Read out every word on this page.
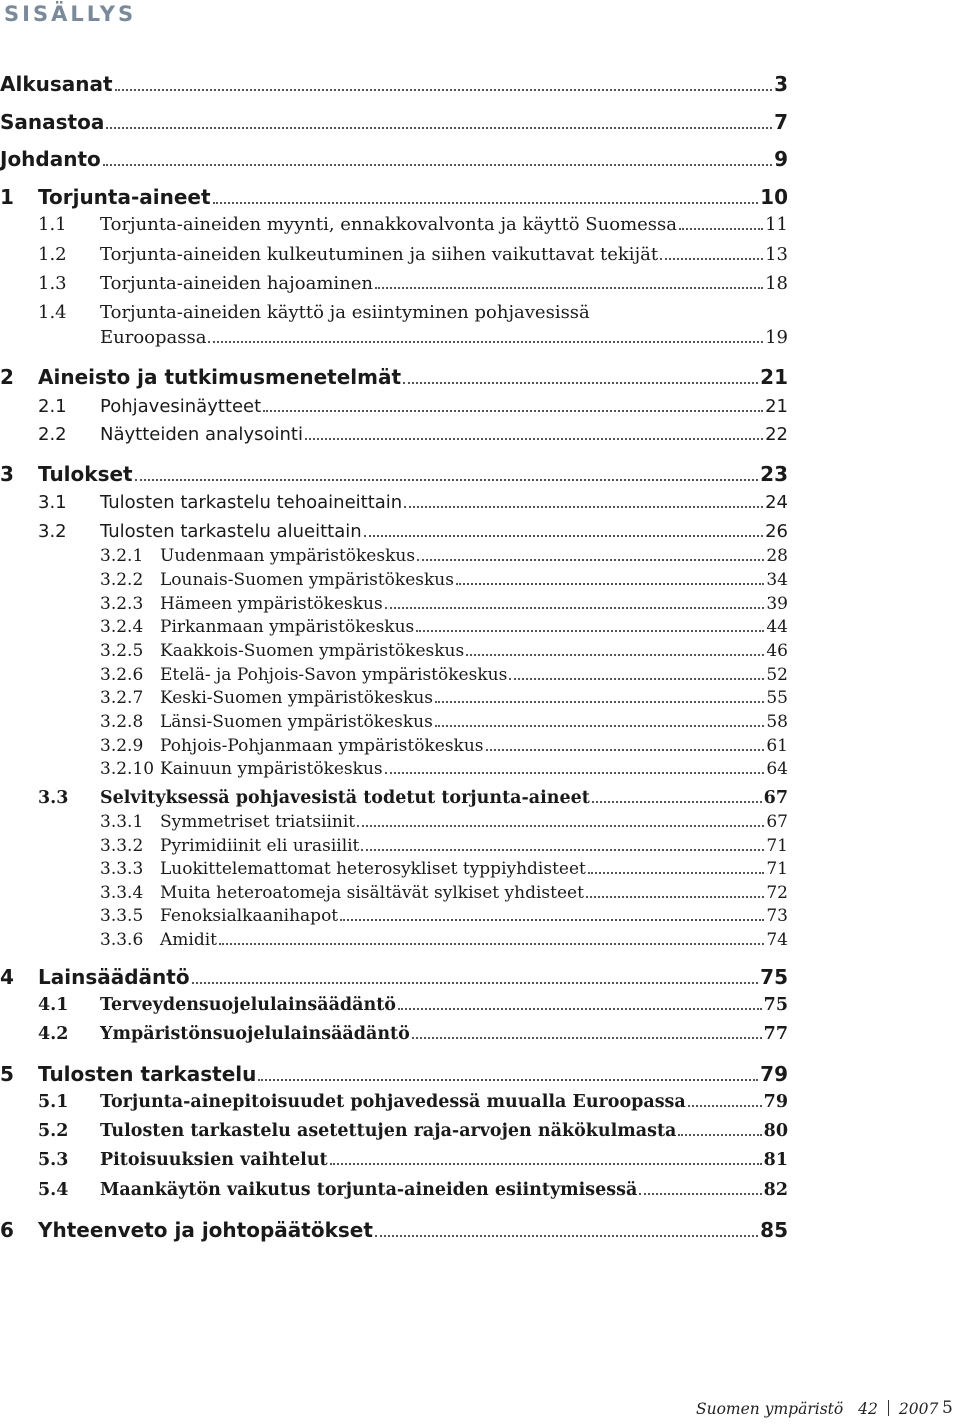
SISÄLLYS
Alkusanat	3
Sanastoa	7
Johdanto	9
1 Torjunta-aineet	10
1.1 Torjunta-aineiden myynti, ennakkovalvonta ja käyttö Suomessa	11
1.2 Torjunta-aineiden kulkeutuminen ja siihen vaikuttavat tekijät	13
1.3 Torjunta-aineiden hajoaminen	18
1.4 Torjunta-aineiden käyttö ja esiintyminen pohjavesissä
Euroopassa	19
2 Aineisto ja tutkimusmenetelmät	21
2.1 Pohjavesinäytteet	21
2.2 Näytteiden analysointi	22
3 Tulokset	23
3.1 Tulosten tarkastelu tehoaineittain	24
3.2 Tulosten tarkastelu alueittain	26
3.2.1 Uudenmaan ympäristökeskus	28
3.2.2 Lounais-Suomen ympäristökeskus	34
3.2.3 Hämeen ympäristökeskus	39
3.2.4 Pirkanmaan ympäristökeskus	44
3.2.5 Kaakkois-Suomen ympäristökeskus	46
3.2.6 Etelä- ja Pohjois-Savon ympäristökeskus	52
3.2.7 Keski-Suomen ympäristökeskus	55
3.2.8 Länsi-Suomen ympäristökeskus	58
3.2.9 Pohjois-Pohjanmaan ympäristökeskus	61
3.2.10 Kainuun ympäristökeskus	64
3.3 Selvityksessä pohjavesistä todetut torjunta-aineet	67
3.3.1 Symmetriset triatsiinit	67
3.3.2 Pyrimidiinit eli urasiilit	71
3.3.3 Luokittelemattomat heterosykliset typpiyhdisteet	71
3.3.4 Muita heteroatomeja sisältävät sylkiset yhdisteet	72
3.3.5 Fenoksialkaanihapot	73
3.3.6 Amidit	74
4 Lainsäädäntö	75
4.1 Terveydensuojelulainsäädäntö	75
4.2 Ympäristönsuojelulainsäädäntö	77
5 Tulosten tarkastelu	79
5.1 Torjunta-ainepitoisuudet pohjavedessä muualla Euroopassa	79
5.2 Tulosten tarkastelu asetettujen raja-arvojen näkökulmasta	80
5.3 Pitoisuuksien vaihtelut	81
5.4 Maankäytön vaikutus torjunta-aineiden esiintymisessä	82
6 Yhteenveto ja johtopäätökset	85
Suomen ympäristö 42 2007 5
